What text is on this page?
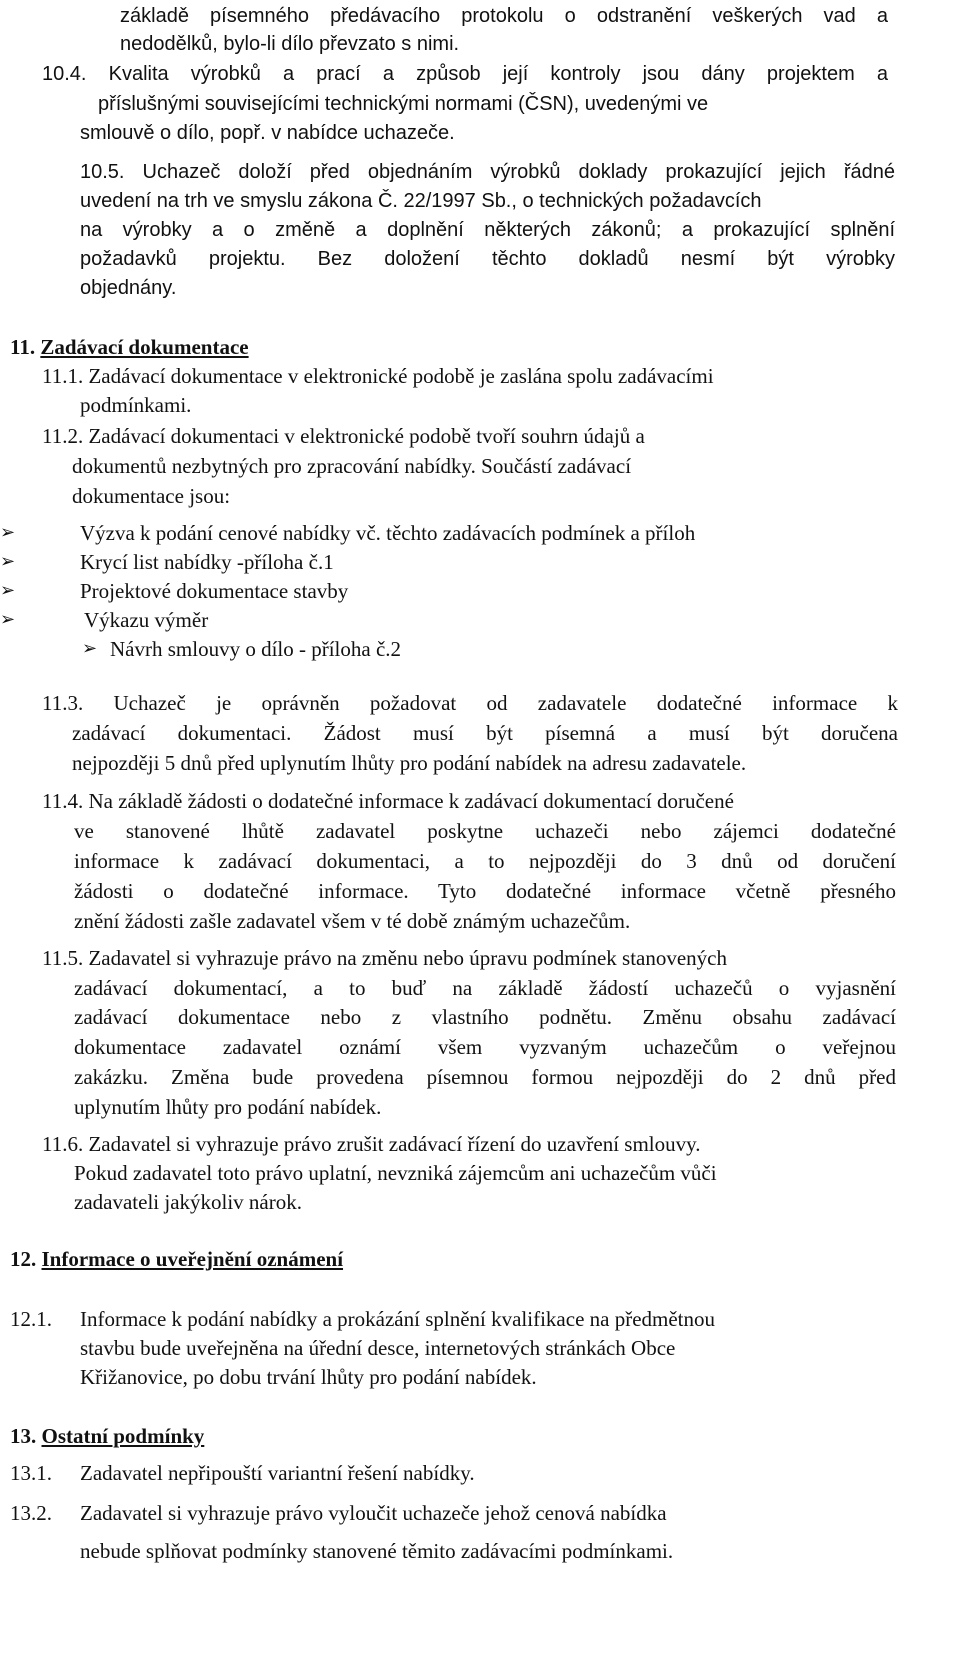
základě písemného předávacího protokolu o odstranění veškerých vad a
nedodělků, bylo-li dílo převzato s nimi.
10.4. Kvalita výrobků a prací a způsob její kontroly jsou dány projektem a
příslušnými souvisejícími technickými normami (ČSN), uvedenými ve
smlouvě o dílo, popř. v nabídce uchazeče.
10.5. Uchazeč doloží před objednáním výrobků doklady prokazující jejich řádné
uvedení na trh ve smyslu zákona Č. 22/1997 Sb., o technických požadavcích
na výrobky a o změně a doplnění některých zákonů; a prokazující splnění
požadavků projektu. Bez doložení těchto dokladů nesmí být výrobky
objednány.
11. Zadávací dokumentace
11.1. Zadávací dokumentace v elektronické podobě je zaslána spolu zadávacími
podmínkami.
11.2. Zadávací dokumentaci v elektronické podobě tvoří souhrn údajů a
dokumentů nezbytných pro zpracování nabídky. Součástí zadávací
dokumentace jsou:
➢	Výzva k podání cenové nabídky vč. těchto zadávacích podmínek a příloh
➢	Krycí list nabídky -příloha č.1
➢	Projektové dokumentace stavby
➢	Výkazu výměr
➢ Návrh smlouvy o dílo - příloha č.2
11.3. Uchazeč je oprávněn požadovat od zadavatele dodatečné informace k
zadávací dokumentaci. Žádost musí být písemná a musí být doručena
nejpozději 5 dnů před uplynutím lhůty pro podání nabídek na adresu zadavatele.
11.4. Na základě žádosti o dodatečné informace k zadávací dokumentací doručené
ve stanovené lhůtě zadavatel poskytne uchazeči nebo zájemci dodatečné
informace k zadávací dokumentaci, a to nejpozději do 3 dnů od doručení
žádosti o dodatečné informace. Tyto dodatečné informace včetně přesného
znění žádosti zašle zadavatel všem v té době známým uchazečům.
11.5. Zadavatel si vyhrazuje právo na změnu nebo úpravu podmínek stanovených
zadávací dokumentací, a to buď na základě žádostí uchazečů o vyjasnění
zadávací dokumentace nebo z vlastního podnětu. Změnu obsahu zadávací
dokumentace zadavatel oznámí všem vyzvaným uchazečům o veřejnou
zakázku. Změna bude provedena písemnou formou nejpozději do 2 dnů před
uplynutím lhůty pro podání nabídek.
11.6. Zadavatel si vyhrazuje právo zrušit zadávací řízení do uzavření smlouvy.
Pokud zadavatel toto právo uplatní, nevzniká zájemcům ani uchazečům vůči
zadavateli jakýkoliv nárok.
12. Informace o uveřejnění oznámení
12.1. Informace k podání nabídky a prokázání splnění kvalifikace na předmětnou
stavbu bude uveřejněna na úřední desce, internetových stránkách Obce
Křižanovice, po dobu trvání lhůty pro podání nabídek.
13. Ostatní podmínky
13.1. Zadavatel nepřipouští variantní řešení nabídky.
13.2. Zadavatel si vyhrazuje právo vyloučit uchazeče jehož cenová nabídka
nebude splňovat podmínky stanovené těmito zadávacími podmínkami.
